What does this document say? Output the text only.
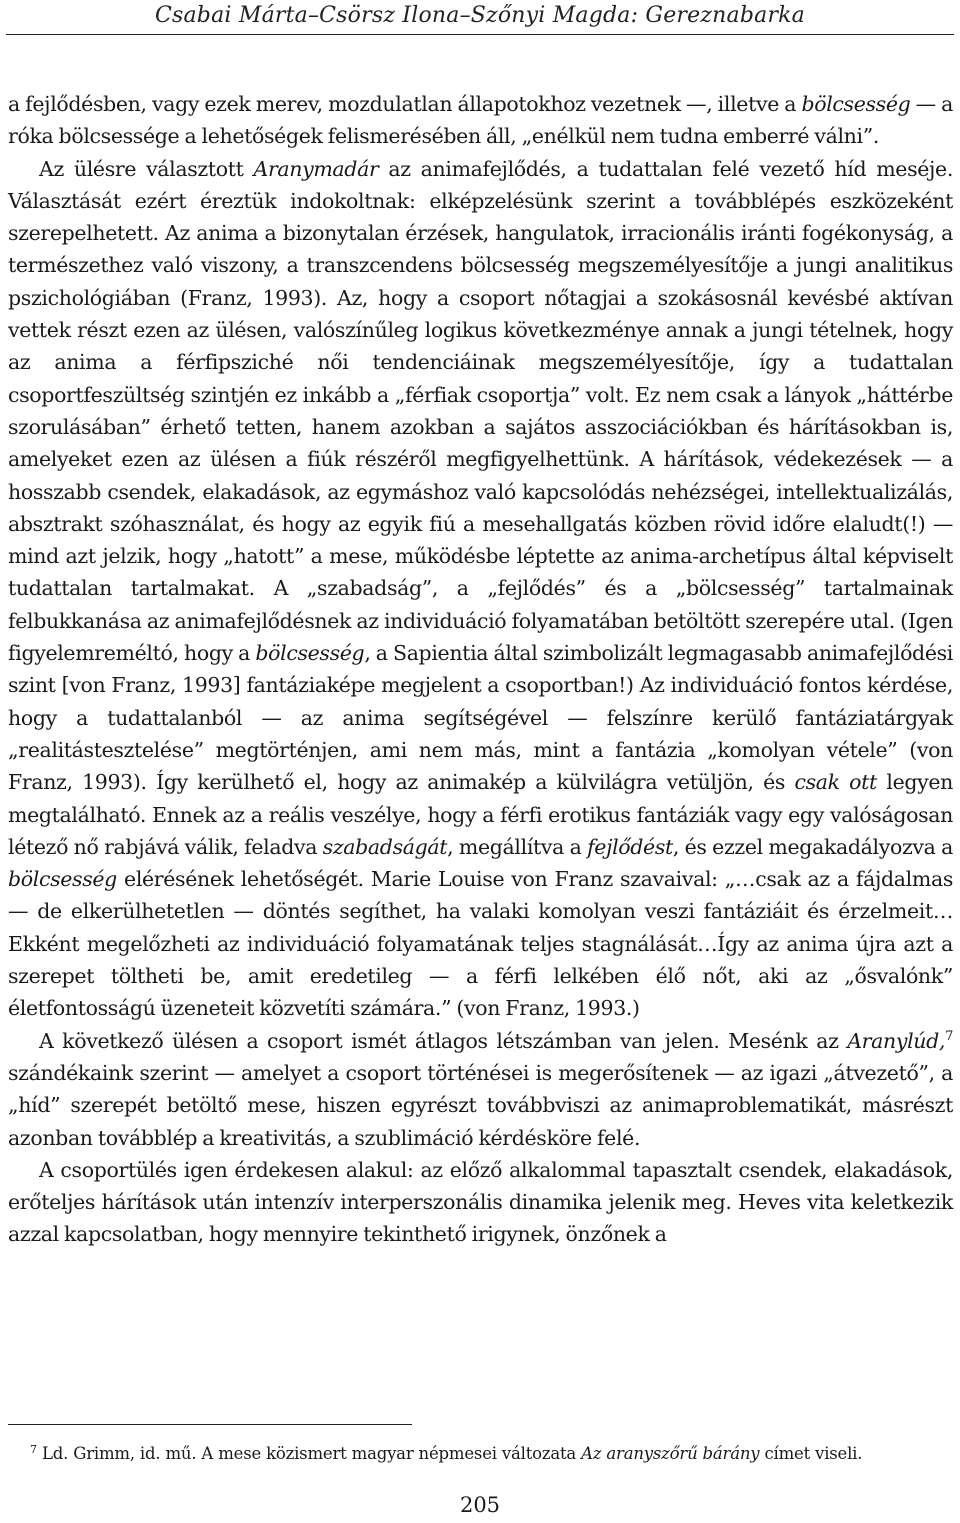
Csabai Márta–Csörsz Ilona–Szőnyi Magda: Gereznabarka

a fejlődésben, vagy ezek merev, mozdulatlan állapotokhoz vezetnek —, illetve a bölcsesség — a róka bölcsessége a lehetőségek felismerésében áll, „enélkül nem tudna emberré válni”.

Az ülésre választott Aranymadár az animafejlődés, a tudattalan felé vezető híd meséje. Választását ezért éreztük indokoltnak: elképzelésünk szerint a továbblépés eszközeként szerepelhetett. Az anima a bizonytalan érzések, hangulatok, irracionális iránti fogékonyság, a természethez való viszony, a transzcendens bölcsesség megszemélyesítője a jungi analitikus pszichológiában (Franz, 1993). Az, hogy a csoport nőtagjai a szokásosnál kevésbé aktívan vettek részt ezen az ülésen, valószínűleg logikus következménye annak a jungi tételnek, hogy az anima a férfipsziché női tendenciáinak megszemélyesítője, így a tudattalan csoportfeszültség szintjén ez inkább a „férfiak csoportja” volt. Ez nem csak a lányok „háttérbe szorulásában” érhető tetten, hanem azokban a sajátos asszociációkban és hárításokban is, amelyeket ezen az ülésen a fiúk részéről megfigyelhettünk. A hárítások, védekezések — a hosszabb csendek, elakadások, az egymáshoz való kapcsolódás nehézségei, intellektualizálás, absztrakt szóhasználat, és hogy az egyik fiú a mesehallgatás közben rövid időre elaludt(!) — mind azt jelzik, hogy „hatott” a mese, működésbe léptette az anima-archetípus által képviselt tudattalan tartalmakat. A „szabadság”, a „fejlődés” és a „bölcsesség” tartalmainak felbukkanása az animafejlődésnek az individuáció folyamatában betöltött szerepére utal. (Igen figyelemreméltó, hogy a bölcsesség, a Sapientia által szimbolizált legmagasabb animafejlődési szint [von Franz, 1993] fantáziaképe megjelent a csoportban!) Az individuáció fontos kérdése, hogy a tudattalanból — az anima segítségével — felszínre kerülő fantáziatárgyak „realitástesztelése” megtörténjen, ami nem más, mint a fantázia „komolyan vétele” (von Franz, 1993). Így kerülhető el, hogy az animakép a külvilágra vetüljön, és csak ott legyen megtalálható. Ennek az a reális veszélye, hogy a férfi erotikus fantáziák vagy egy valóságosan létező nő rabjává válik, feladva szabadságát, megállítva a fejlődést, és ezzel megakadályozva a bölcsesség elérésének lehetőségét. Marie Louise von Franz szavaival: „…csak az a fájdalmas — de elkerülhetetlen — döntés segíthet, ha valaki komolyan veszi fantáziáit és érzelmeit… Ekként megelőzheti az individuáció folyamatának teljes stagnálását…Így az anima újra azt a szerepet töltheti be, amit eredetileg — a férfi lelkében élő nőt, aki az „ősvalónk” életfontosságú üzeneteit közvetíti számára.” (von Franz, 1993.)

A következő ülésen a csoport ismét átlagos létszámban van jelen. Mesénk az Aranylúd,$^7$ szándékaink szerint — amelyet a csoport történései is megerősítenek — az igazi „átvezető”, a „híd” szerepét betöltő mese, hiszen egyrészt továbbviszi az animaproblematikát, másrészt azonban továbblép a kreativitás, a szublimáció kérdésköre felé.

A csoportülés igen érdekesen alakul: az előző alkalommal tapasztalt csendek, elakadások, erőteljes hárítások után intenzív interperszonális dinamika jelenik meg. Heves vita keletkezik azzal kapcsolatban, hogy mennyire tekinthető irigynek, önzőnek a

7 Ld. Grimm, id. mű. A mese közismert magyar népmesei változata Az aranyszőrű bárány címet viseli.
205
